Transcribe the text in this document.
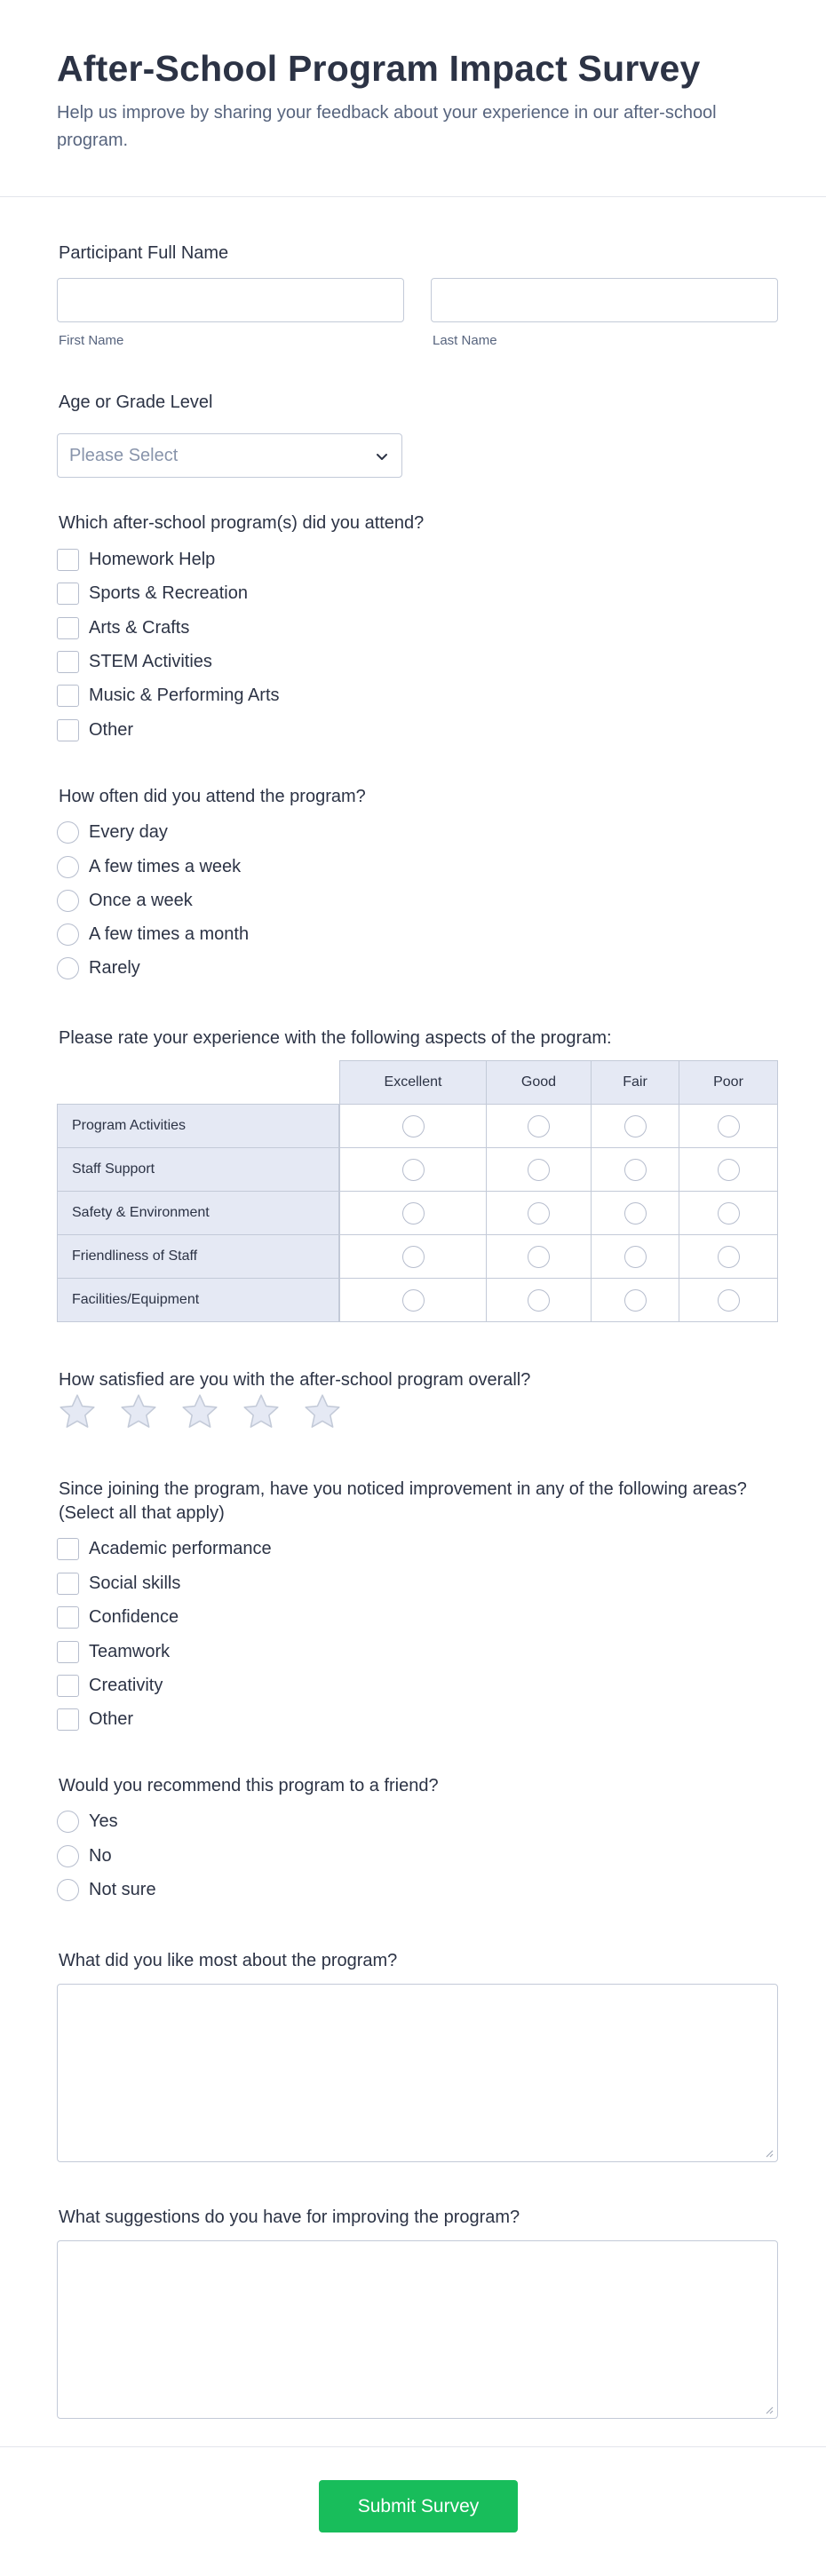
After-School Program Impact Survey
Help us improve by sharing your feedback about your experience in our after-school program.
Participant Full Name
First Name	Last Name
Age or Grade Level
Please Select
Which after-school program(s) did you attend?
Homework Help
Sports & Recreation
Arts & Crafts
STEM Activities
Music & Performing Arts
Other
How often did you attend the program?
Every day
A few times a week
Once a week
A few times a month
Rarely
Please rate your experience with the following aspects of the program:
Excellent	Good	Fair	Poor
Program Activities
Staff Support
Safety & Environment
Friendliness of Staff
Facilities/Equipment
How satisfied are you with the after-school program overall?
Since joining the program, have you noticed improvement in any of the following areas? (Select all that apply)
Academic performance
Social skills
Confidence
Teamwork
Creativity
Other
Would you recommend this program to a friend?
Yes
No
Not sure
What did you like most about the program?
What suggestions do you have for improving the program?
Submit Survey
